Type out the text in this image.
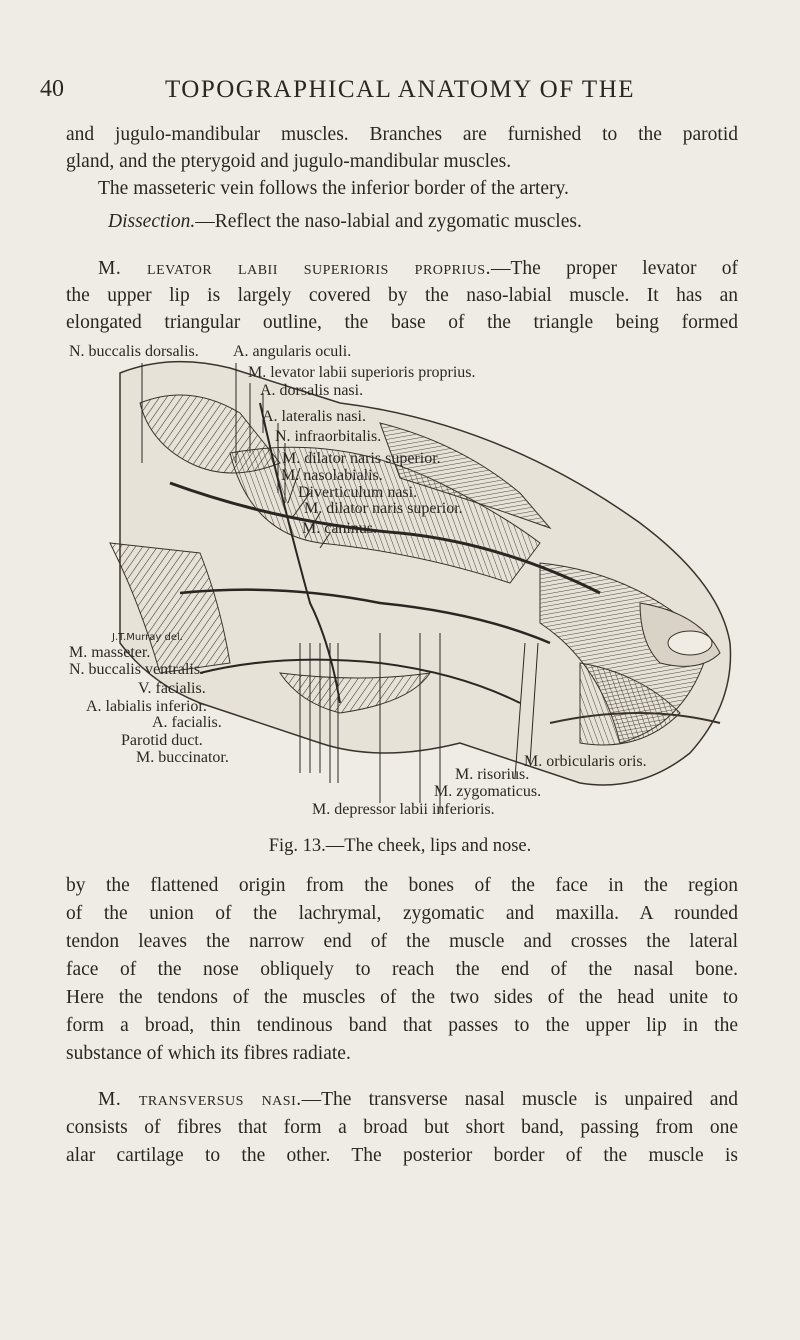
40	TOPOGRAPHICAL ANATOMY OF THE

and jugulo-mandibular muscles. Branches are furnished to the parotid

gland, and the pterygoid and jugulo-mandibular muscles.

The masseteric vein follows the inferior border of the artery.

Dissection.—Reflect the naso-labial and zygomatic muscles.

M. levator labii superioris proprius.—The proper levator of

the upper lip is largely covered by the naso-labial muscle. It has an

elongated triangular outline, the base of the triangle being formed

J.T.Murray del.
N. buccalis dorsalis. A. angularis oculi.
M. levator labii superioris proprius.
A. dorsalis nasi.
A. lateralis nasi.
N. infraorbitalis.
M. dilator naris superior.
M. nasolabialis.
Diverticulum nasi.
M. dilator naris superior.
M. caninus.
M. masseter.
N. buccalis ventralis.
V. facialis.
A. labialis inferior.
A. facialis.
Parotid duct.
M. buccinator.
M. risorius.
M. zygomaticus.
M. depressor labii inferioris.
M. orbicularis oris.
Fig. 13.—The cheek, lips and nose.

by the flattened origin from the bones of the face in the region

of the union of the lachrymal, zygomatic and maxilla. A rounded

tendon leaves the narrow end of the muscle and crosses the lateral

face of the nose obliquely to reach the end of the nasal bone.

Here the tendons of the muscles of the two sides of the head unite to

form a broad, thin tendinous band that passes to the upper lip in the

substance of which its fibres radiate.

M. transversus nasi.—The transverse nasal muscle is unpaired and

consists of fibres that form a broad but short band, passing from one

alar cartilage to the other. The posterior border of the muscle is
